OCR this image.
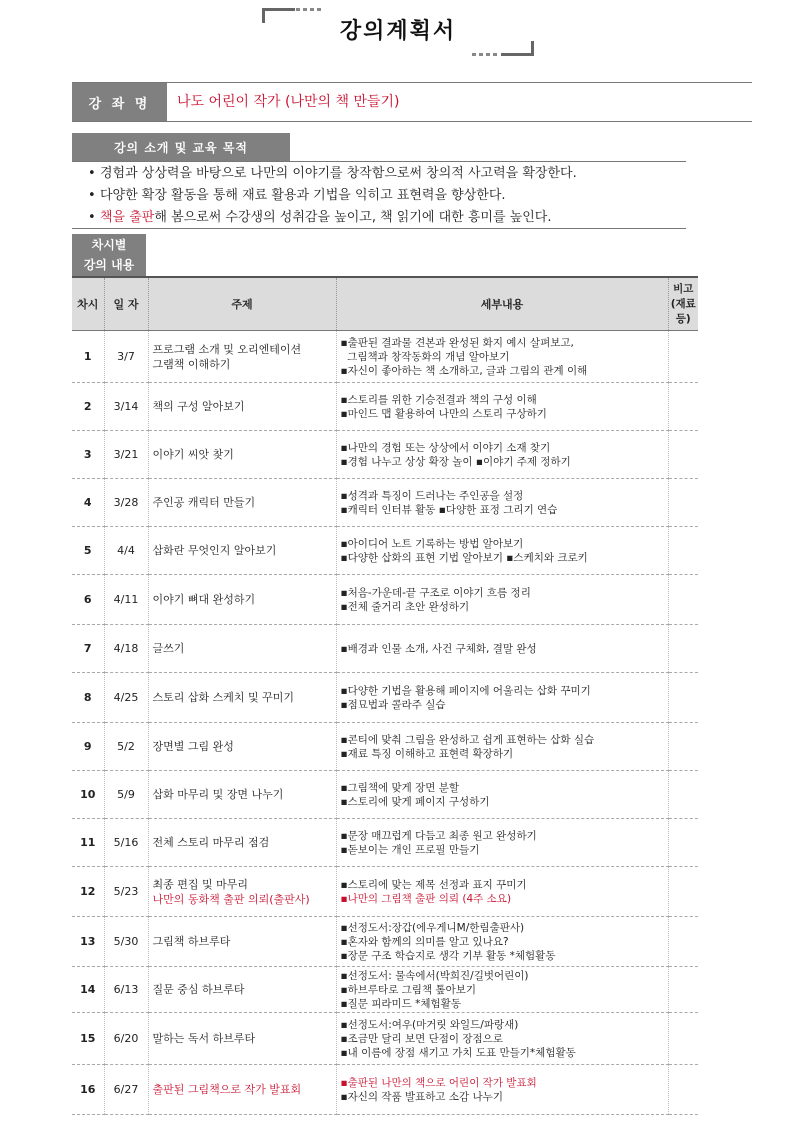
강의계획서
강 좌 명	나도 어린이 작가 (나만의 책 만들기)
강의 소개 및 교육 목적
• 경험과 상상력을 바탕으로 나만의 이야기를 창작함으로써 창의적 사고력을 확장한다.
• 다양한 확장 활동을 통해 재료 활용과 기법을 익히고 표현력을 향상한다.
• 책을 출판해 봄으로써 수강생의 성취감을 높이고, 책 읽기에 대한 흥미를 높인다.
차시별
강의 내용
차시	일 자	주제	세부내용	비고
(재료
등)
1	3/7	프로그램 소개 및 오리엔테이션
그램책 이해하기	▪출판된 결과물 견본과 완성된 화지 예시 살펴보고,
그림책과 창작동화의 개념 알아보기
▪자신이 좋아하는 책 소개하고, 글과 그림의 관계 이해	

2	3/14	책의 구성 알아보기	▪스토리를 위한 기승전결과 책의 구성 이해
▪마인드 맵 활용하여 나만의 스토리 구상하기	

3	3/21	이야기 씨앗 찾기	▪나만의 경험 또는 상상에서 이야기 소재 찾기
▪경험 나누고 상상 확장 놀이 ▪이야기 주제 정하기	

4	3/28	주인공 캐릭터 만들기	▪성격과 특징이 드러나는 주인공을 설정
▪캐릭터 인터뷰 활동 ▪다양한 표정 그리기 연습	

5	4/4	삽화란 무엇인지 알아보기	▪아이디어 노트 기록하는 방법 알아보기
▪다양한 삽화의 표현 기법 알아보기 ▪스케치와 크로키	

6	4/11	이야기 뼈대 완성하기	▪처음-가운데-끝 구조로 이야기 흐름 정리
▪전체 줄거리 초안 완성하기	

7	4/18	글쓰기	▪배경과 인물 소개, 사건 구체화, 결말 완성	

8	4/25	스토리 삽화 스케치 및 꾸미기	▪다양한 기법을 활용해 페이지에 어울리는 삽화 꾸미기
▪점묘법과 콜라주 실습	

9	5/2	장면별 그림 완성	▪콘티에 맞춰 그림을 완성하고 쉽게 표현하는 삽화 실습
▪재료 특징 이해하고 표현력 확장하기	

10	5/9	삽화 마무리 및 장면 나누기	▪그림책에 맞게 장면 분할
▪스토리에 맞게 페이지 구성하기	

11	5/16	전체 스토리 마무리 점검	▪문장 매끄럽게 다듬고 최종 원고 완성하기
▪돋보이는 개인 프로필 만들기	

12	5/23	최종 편집 및 마무리
나만의 동화책 출판 의뢰(출판사)	▪스토리에 맞는 제목 선정과 표지 꾸미기
▪나만의 그림책 출판 의뢰 (4주 소요)	

13	5/30	그림책 하브루타	▪선정도서:장갑(에우게니M/한림출판사)
▪혼자와 함께의 의미를 알고 있나요?
▪장문 구조 학습지로 생각 기부 활동 *체험활동	

14	6/13	질문 중심 하브루타	▪선정도서: 물속에서(박희진/길벗어린이)
▪하브루타로 그림책 톺아보기
▪질문 피라미드 *체험활동	

15	6/20	말하는 독서 하브루타	▪선정도서:여우(마거릿 와일드/파랑새)
▪조금만 달리 보면 단점이 장점으로
▪내 이름에 장점 새기고 가치 도표 만들기*체험활동	

16	6/27	출판된 그림책으로 작가 발표회	▪출판된 나만의 책으로 어린이 작가 발표회
▪자신의 작품 발표하고 소감 나누기	
